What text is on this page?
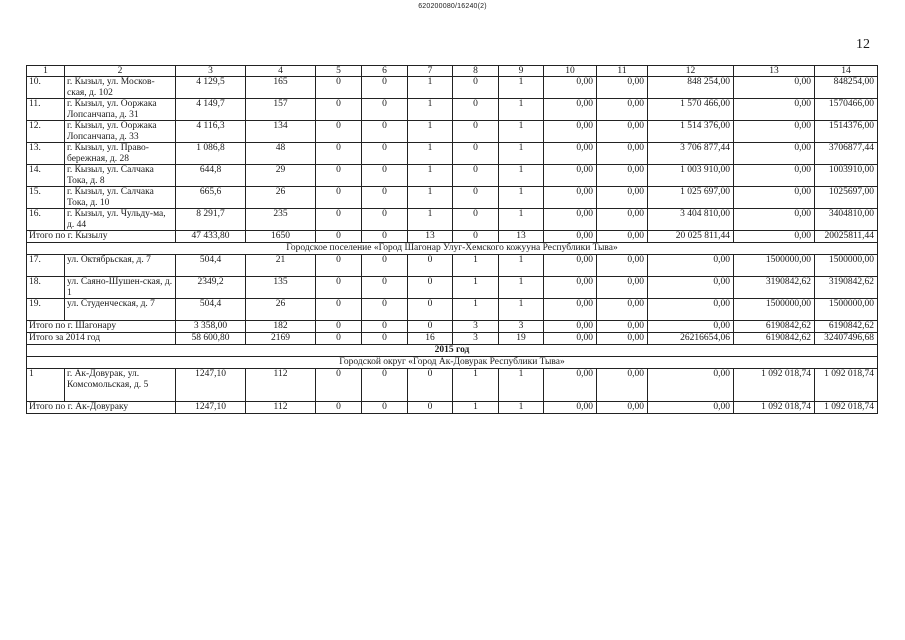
620200080/16240(2)
12
1	2	3	4	5	6	7	8	9	10	11	12	13	14
10.	г. Кызыл, ул. Москов-ская, д. 102	4 129,5	165	0	0	1	0	1	0,00	0,00	848 254,00	0,00	848254,00
11.	г. Кызыл, ул. Ооржака Лопсанчапа, д. 31	4 149,7	157	0	0	1	0	1	0,00	0,00	1 570 466,00	0,00	1570466,00
12.	г. Кызыл, ул. Ооржака Лопсанчапа, д. 33	4 116,3	134	0	0	1	0	1	0,00	0,00	1 514 376,00	0,00	1514376,00
13.	г. Кызыл, ул. Право-бережная, д. 28	1 086,8	48	0	0	1	0	1	0,00	0,00	3 706 877,44	0,00	3706877,44
14.	г. Кызыл, ул. Салчака Тока, д. 8	644,8	29	0	0	1	0	1	0,00	0,00	1 003 910,00	0,00	1003910,00
15.	г. Кызыл, ул. Салчака Тока, д. 10	665,6	26	0	0	1	0	1	0,00	0,00	1 025 697,00	0,00	1025697,00
16.	г. Кызыл, ул. Чульду-ма, д. 44	8 291,7	235	0	0	1	0	1	0,00	0,00	3 404 810,00	0,00	3404810,00
Итого по г. Кызылу		47 433,80	1650	0	0	13	0	13	0,00	0,00	20 025 811,44	0,00	20025811,44
Городское поселение «Город Шагонар Улуг-Хемского кожууна Республики Тыва»													
17.	ул. Октябрьская, д. 7	504,4	21	0	0	0	1	1	0,00	0,00	0,00	1500000,00	1500000,00
18.	ул. Саяно-Шушен-ская, д. 1	2349,2	135	0	0	0	1	1	0,00	0,00	0,00	3190842,62	3190842,62
19.	ул. Студенческая, д. 7	504,4	26	0	0	0	1	1	0,00	0,00	0,00	1500000,00	1500000,00
Итого по г. Шагонару		3 358,00	182	0	0	0	3	3	0,00	0,00	0,00	6190842,62	6190842,62
Итого за 2014 год		58 600,80	2169	0	0	16	3	19	0,00	0,00	26216654,06	6190842,62	32407496,68
2015 год													
Городской округ «Город Ак-Довурак Республики Тыва»													
1	г. Ак-Довурак, ул. Комсомольская, д. 5	1247,10	112	0	0	0	1	1	0,00	0,00	0,00	1 092 018,74	1 092 018,74
Итого по г. Ак-Довураку		1247,10	112	0	0	0	1	1	0,00	0,00	0,00	1 092 018,74	1 092 018,74
